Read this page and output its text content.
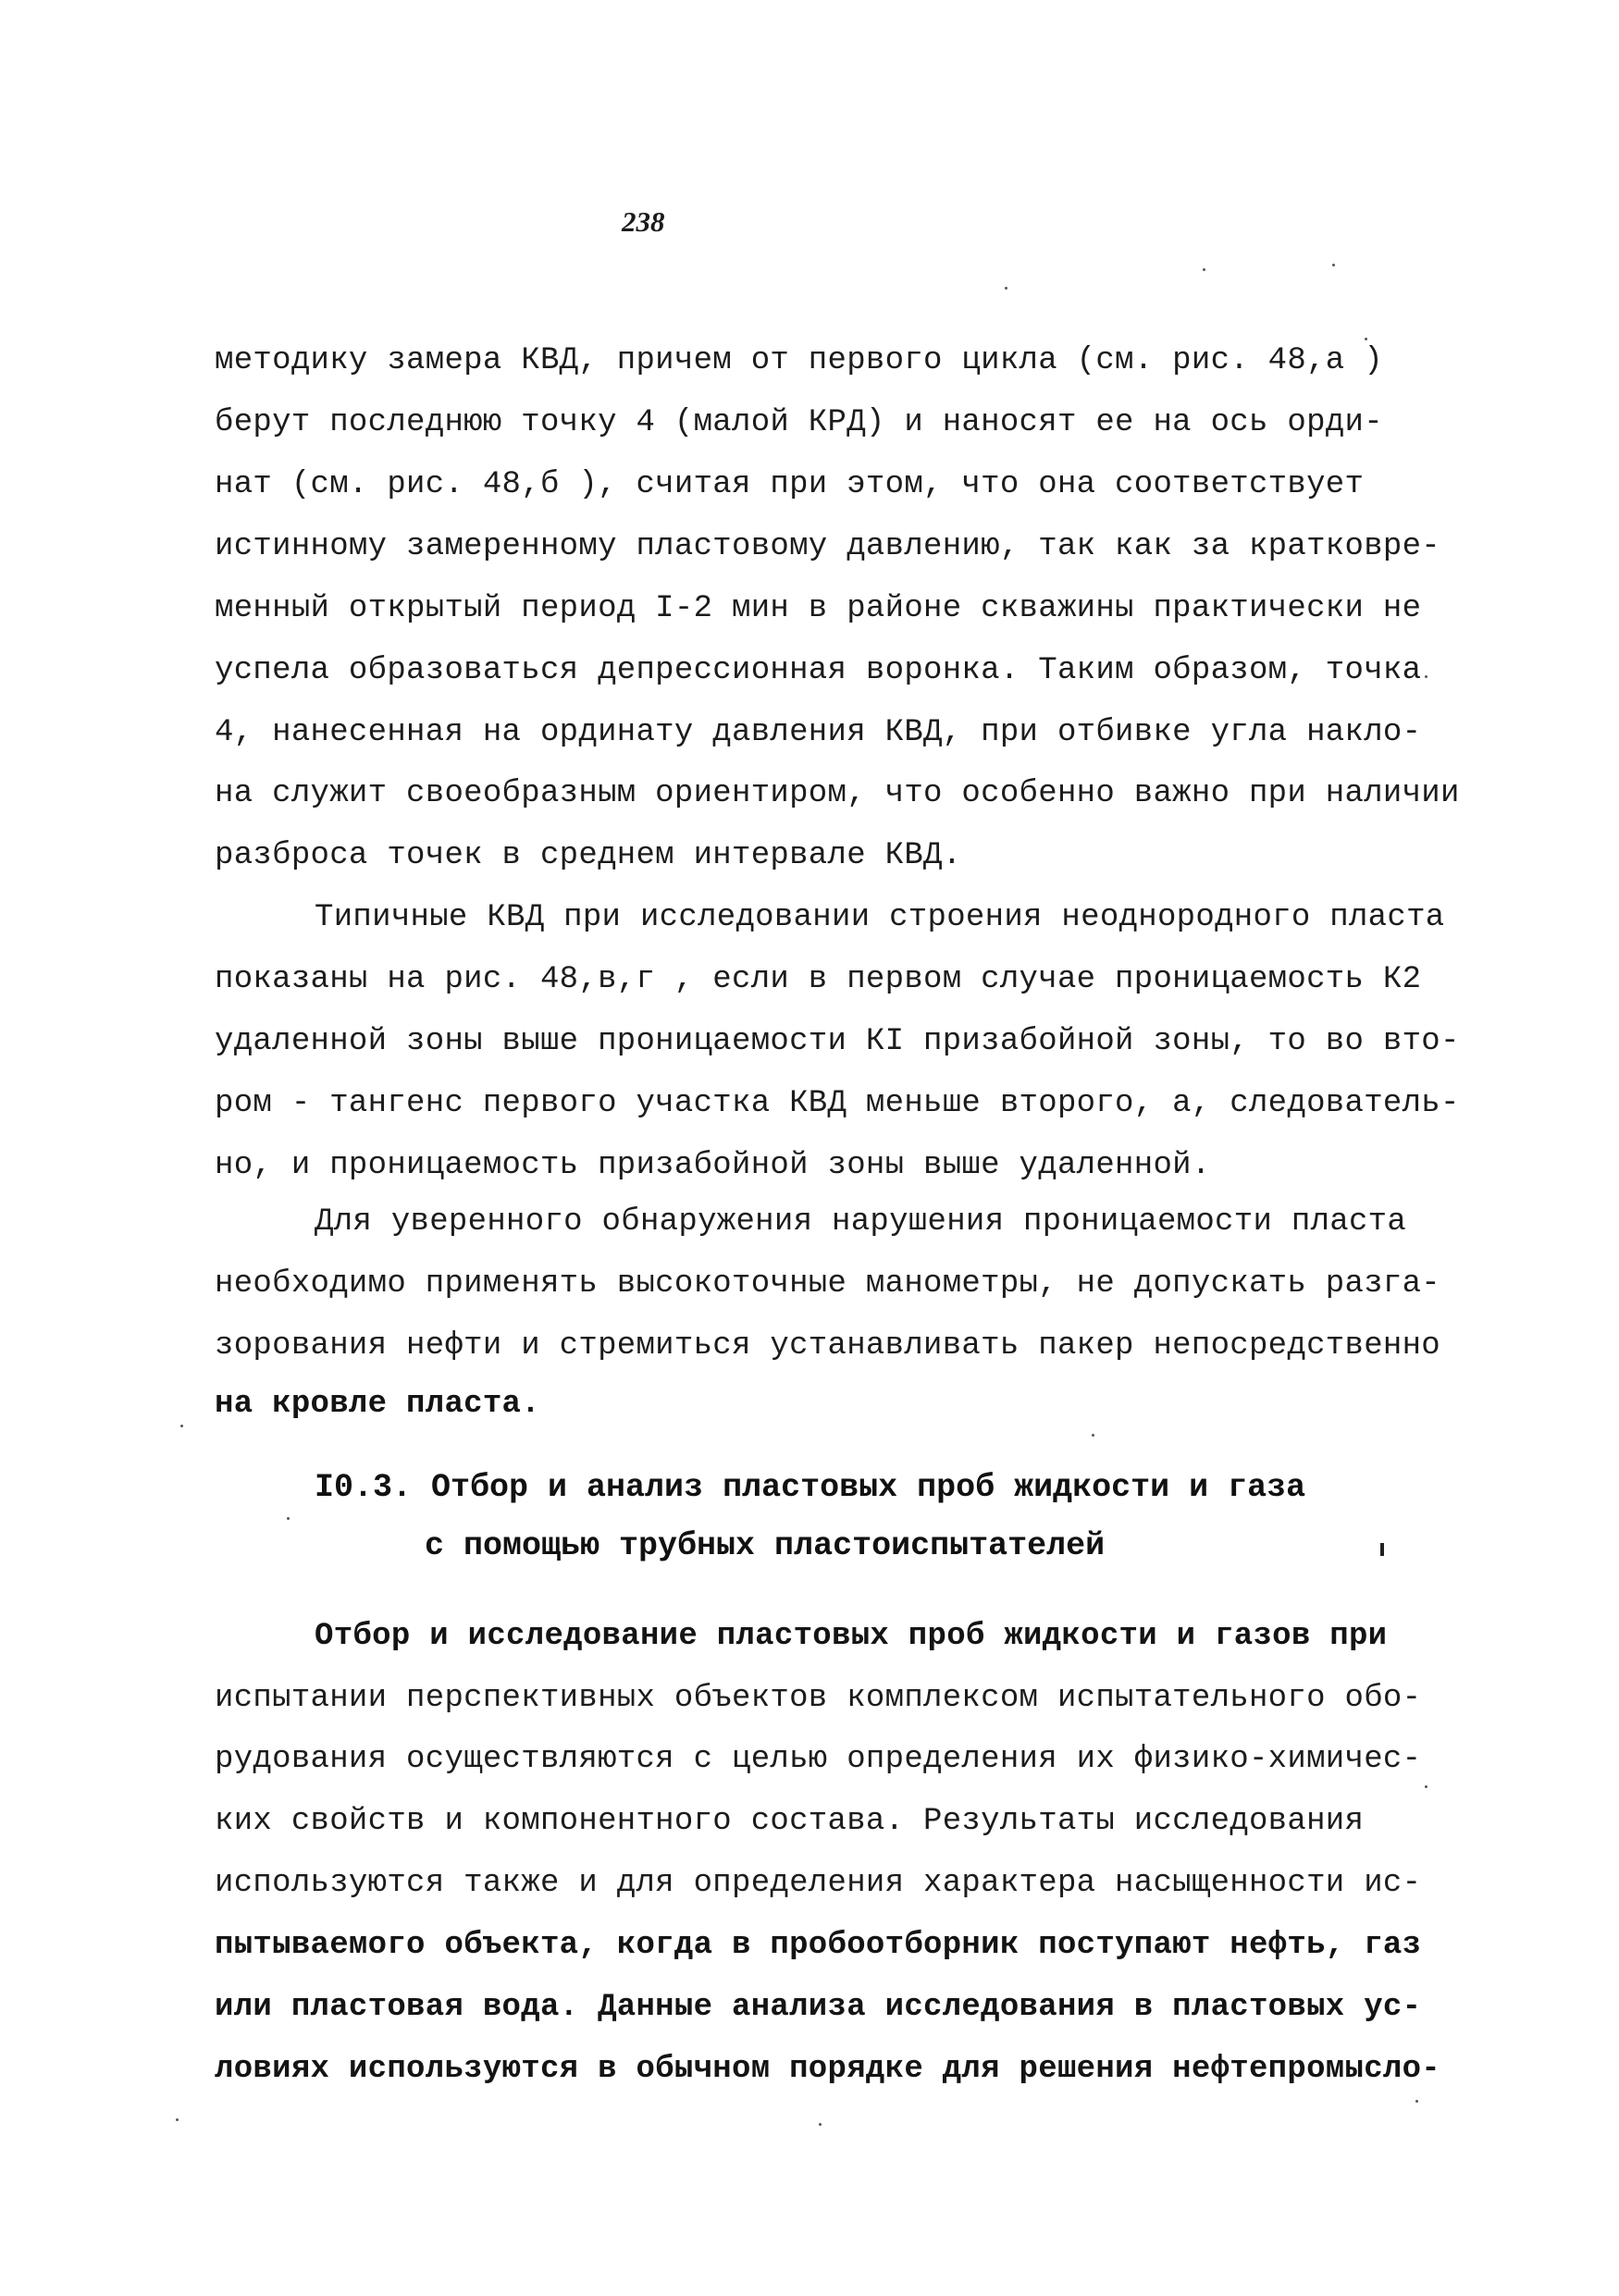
238
методику замера КВД, причем от первого цикла (см. рис. 48,а )
берут последнюю точку 4 (малой КРД) и наносят ее на ось орди-
нат (см. рис. 48,б ), считая при этом, что она соответствует
истинному замеренному пластовому давлению, так как за кратковре-
менный открытый период I-2 мин в районе скважины практически не
успела образоваться депрессионная воронка. Таким образом, точка
4, нанесенная на ординату давления КВД, при отбивке угла накло-
на служит своеобразным ориентиром, что особенно важно при наличии
разброса точек в среднем интервале КВД.
Типичные КВД при исследовании строения неоднородного пласта
показаны на рис. 48,в,г , если в первом случае проницаемость К2
удаленной зоны выше проницаемости КI призабойной зоны, то во вто-
ром - тангенс первого участка КВД меньше второго, а, следователь-
но, и проницаемость призабойной зоны выше удаленной.
Для уверенного обнаружения нарушения проницаемости пласта
необходимо применять высокоточные манометры, не допускать разга-
зорования нефти и стремиться устанавливать пакер непосредственно
на кровле пласта.
I0.3. Отбор и анализ пластовых проб жидкости и газа
с помощью трубных пластоиспытателей
Отбор и исследование пластовых проб жидкости и газов при
испытании перспективных объектов комплексом испытательного обо-
рудования осуществляются с целью определения их физико-химичес-
ких свойств и компонентного состава. Результаты исследования
используются также и для определения характера насыщенности ис-
пытываемого объекта, когда в пробоотборник поступают нефть, газ
или пластовая вода. Данные анализа исследования в пластовых ус-
ловиях используются в обычном порядке для решения нефтепромысло-
